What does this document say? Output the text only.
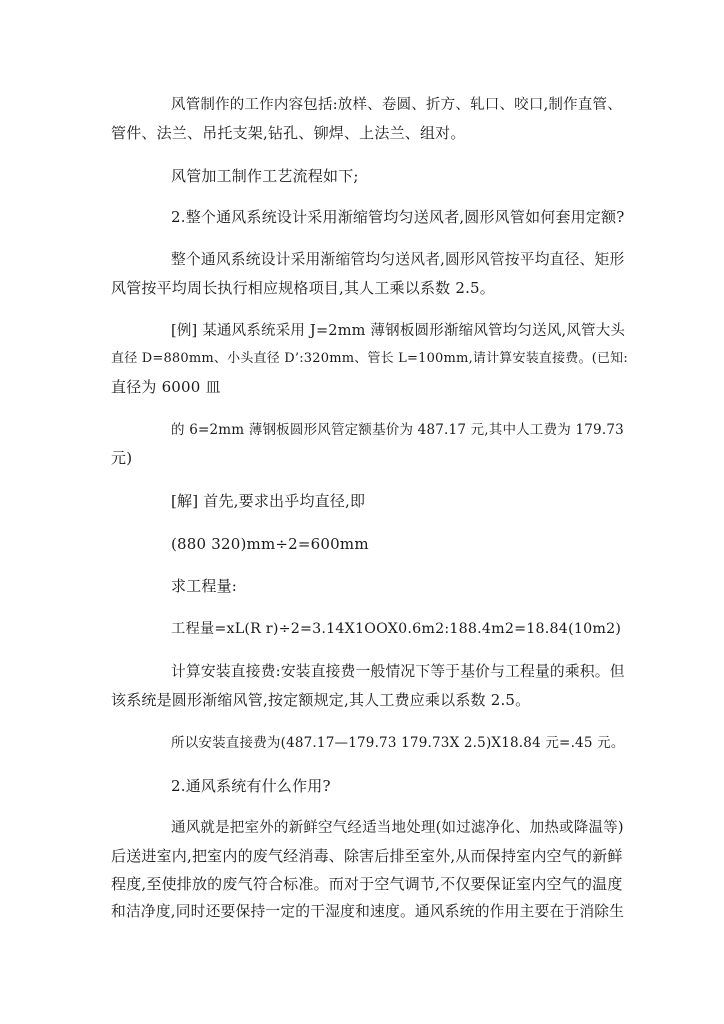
风管制作的工作内容包括:放样、卷圆、折方、轧口、咬口,制作直管、
管件、法兰、吊托支架,钻孔、铆焊、上法兰、组对。
风管加工制作工艺流程如下;
2.整个通风系统设计采用渐缩管均匀送风者,圆形风管如何套用定额?
整个通风系统设计采用渐缩管均匀送风者,圆形风管按平均直径、矩形
风管按平均周长执行相应规格项目,其人工乘以系数 2.5。
[例] 某通风系统采用 J=2mm 薄钢板圆形渐缩风管均匀送风,风管大头
直径 D=880mm、小头直径 D’:320mm、管长 L=100mm,请计算安装直接费。(已知:
直径为 6000 皿
的 6=2mm 薄钢板圆形风管定额基价为 487.17 元,其中人工费为 179.73
元)
[解] 首先,要求出乎均直径,即
(880 320)mm÷2=600mm
求工程量:
工程量=xL(R r)÷2=3.14X1OOX0.6m2:188.4m2=18.84(10m2)
计算安装直接费:安装直接费一般情况下等于基价与工程量的乘积。但
该系统是圆形渐缩风管,按定额规定,其人工费应乘以系数 2.5。
所以安装直接费为(487.17—179.73 179.73X 2.5)X18.84 元=.45 元。
2.通风系统有什么作用?
通风就是把室外的新鲜空气经适当地处理(如过滤净化、加热或降温等)
后送进室内,把室内的废气经消毒、除害后排至室外,从而保持室内空气的新鲜
程度,至使排放的废气符合标准。而对于空气调节,不仅要保证室内空气的温度
和洁净度,同时还要保持一定的干湿度和速度。通风系统的作用主要在于消除生
